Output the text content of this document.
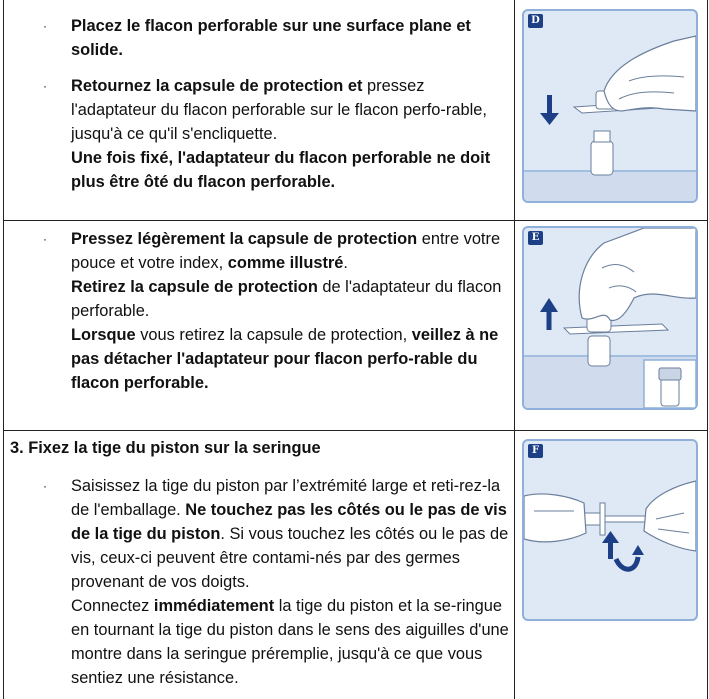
· Placez le flacon perforable sur une surface plane et solide.
· Retournez la capsule de protection et pressez l'adaptateur du flacon perforable sur le flacon perfo-rable, jusqu'à ce qu'il s'encliquette.
Une fois fixé, l'adaptateur du flacon perforable ne doit plus être ôté du flacon perforable.
D
· Pressez légèrement la capsule de protection entre votre pouce et votre index, comme illustré.
Retirez la capsule de protection de l'adaptateur du flacon perforable.
Lorsque vous retirez la capsule de protection, veillez à ne pas détacher l'adaptateur pour flacon perfo-rable du flacon perforable.
E

3. Fixez la tige du piston sur la seringue

· Saisissez la tige du piston par l’extrémité large et reti-rez-la de l'emballage. Ne touchez pas les côtés ou le pas de vis de la tige du piston. Si vous touchez les côtés ou le pas de vis, ceux-ci peuvent être contami-nés par des germes provenant de vos doigts.
Connectez immédiatement la tige du piston et la se-ringue en tournant la tige du piston dans le sens des aiguilles d'une montre dans la seringue préremplie, jusqu'à ce que vous sentiez une résistance.
F
